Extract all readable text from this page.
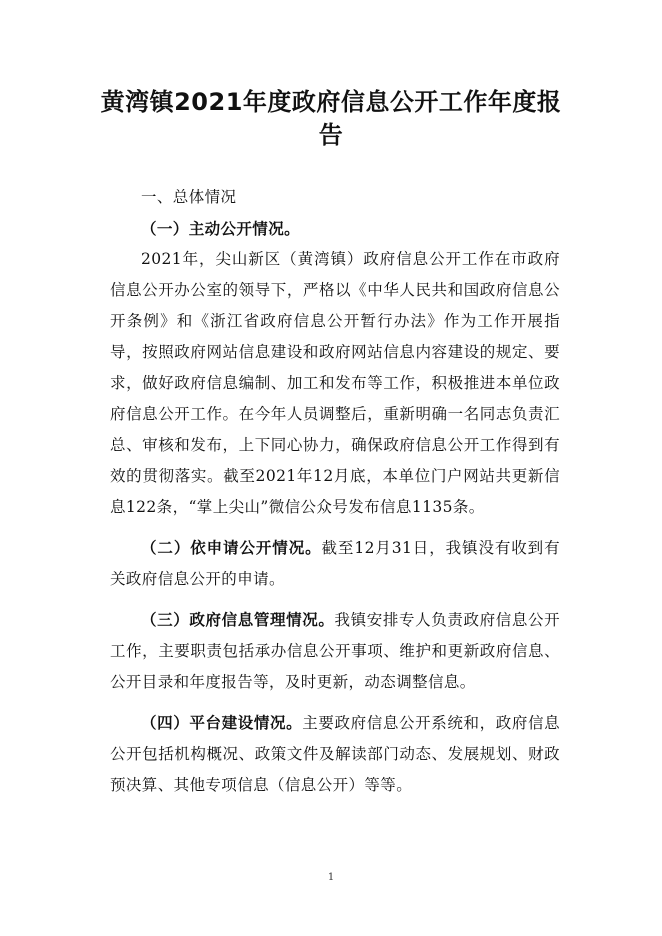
黄湾镇2021年度政府信息公开工作年度报告

一、总体情况

（一）主动公开情况。

2021年，尖山新区（黄湾镇）政府信息公开工作在市政府信息公开办公室的领导下，严格以《中华人民共和国政府信息公开条例》和《浙江省政府信息公开暂行办法》作为工作开展指导，按照政府网站信息建设和政府网站信息内容建设的规定、要求，做好政府信息编制、加工和发布等工作，积极推进本单位政府信息公开工作。在今年人员调整后，重新明确一名同志负责汇总、审核和发布，上下同心协力，确保政府信息公开工作得到有效的贯彻落实。截至2021年12月底，本单位门户网站共更新信息122条，“掌上尖山”微信公众号发布信息1135条。

（二）依申请公开情况。截至12月31日，我镇没有收到有关政府信息公开的申请。

（三）政府信息管理情况。我镇安排专人负责政府信息公开工作，主要职责包括承办信息公开事项、维护和更新政府信息、公开目录和年度报告等，及时更新，动态调整信息。

（四）平台建设情况。主要政府信息公开系统和，政府信息公开包括机构概况、政策文件及解读部门动态、发展规划、财政预决算、其他专项信息（信息公开）等等。

1
